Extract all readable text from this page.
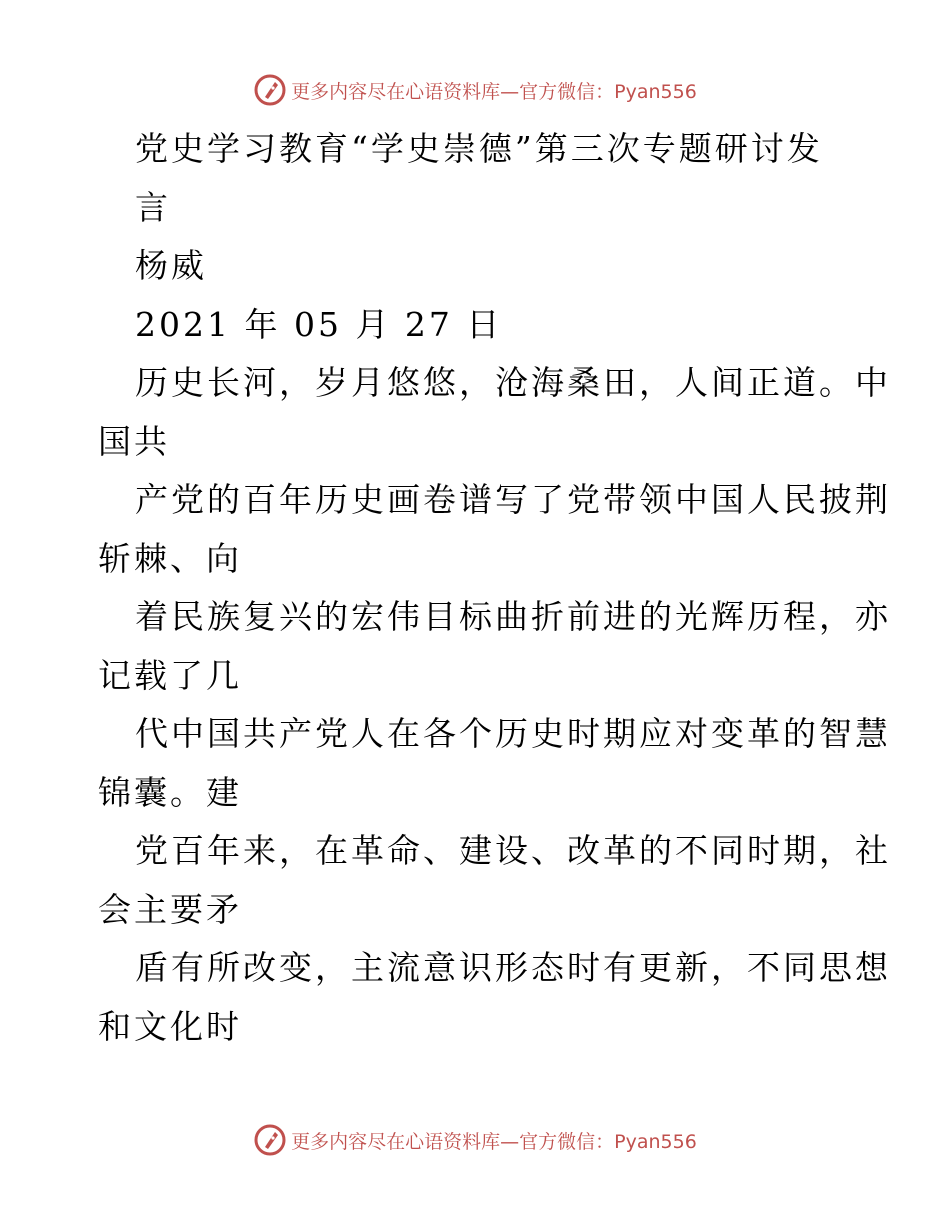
更多内容尽在心语资料库—官方微信：Pyan556
党史学习教育“学史崇德”第三次专题研讨发
言
杨威
2021 年 05 月 27 日
历史长河，岁月悠悠，沧海桑田，人间正道。中
国共
产党的百年历史画卷谱写了党带领中国人民披荆
斩棘、向
着民族复兴的宏伟目标曲折前进的光辉历程，亦
记载了几
代中国共产党人在各个历史时期应对变革的智慧
锦囊。建
党百年来，在革命、建设、改革的不同时期，社
会主要矛
盾有所改变，主流意识形态时有更新，不同思想
和文化时
更多内容尽在心语资料库—官方微信：Pyan556
